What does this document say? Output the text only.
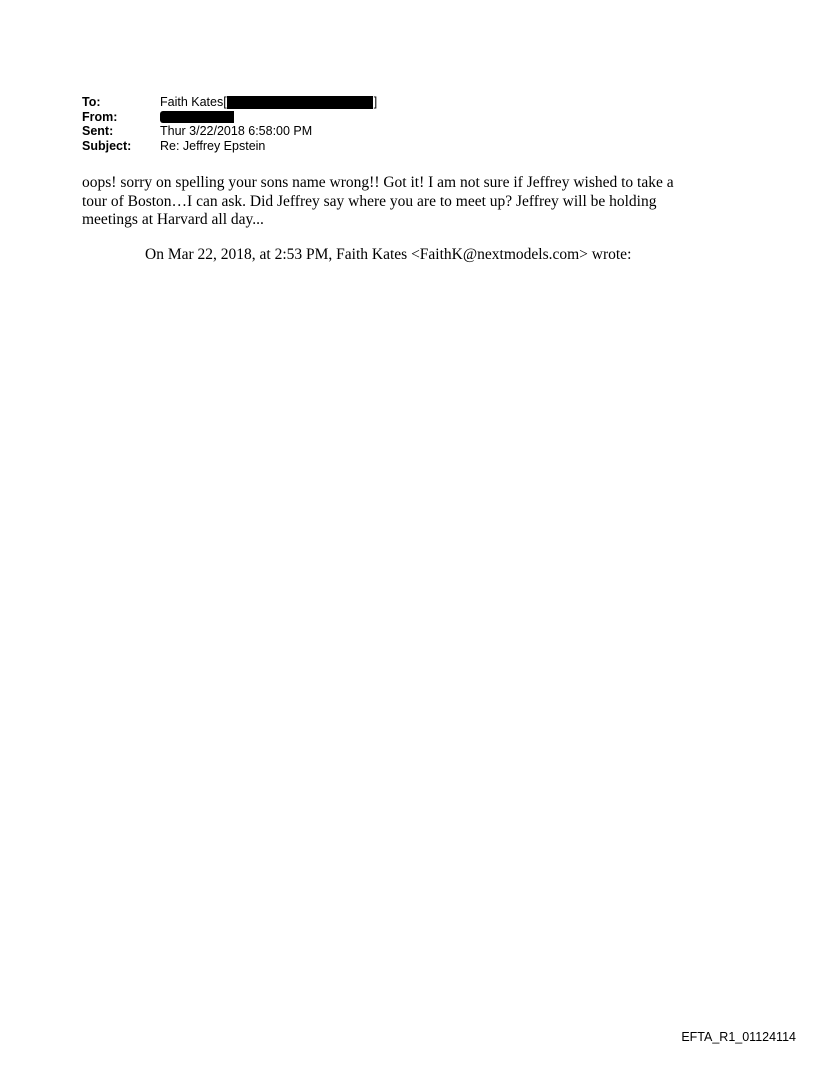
To:	Faith Kates[	]
From:
Sent:	Thur 3/22/2018 6:58:00 PM
Subject:	Re: Jeffrey Epstein
oops! sorry on spelling your sons name wrong!! Got it! I am not sure if Jeffrey wished to take a
tour of Boston…I can ask. Did Jeffrey say where you are to meet up? Jeffrey will be holding
meetings at Harvard all day...
On Mar 22, 2018, at 2:53 PM, Faith Kates <FaithK@nextmodels.com> wrote:
EFTA_R1_01124114
